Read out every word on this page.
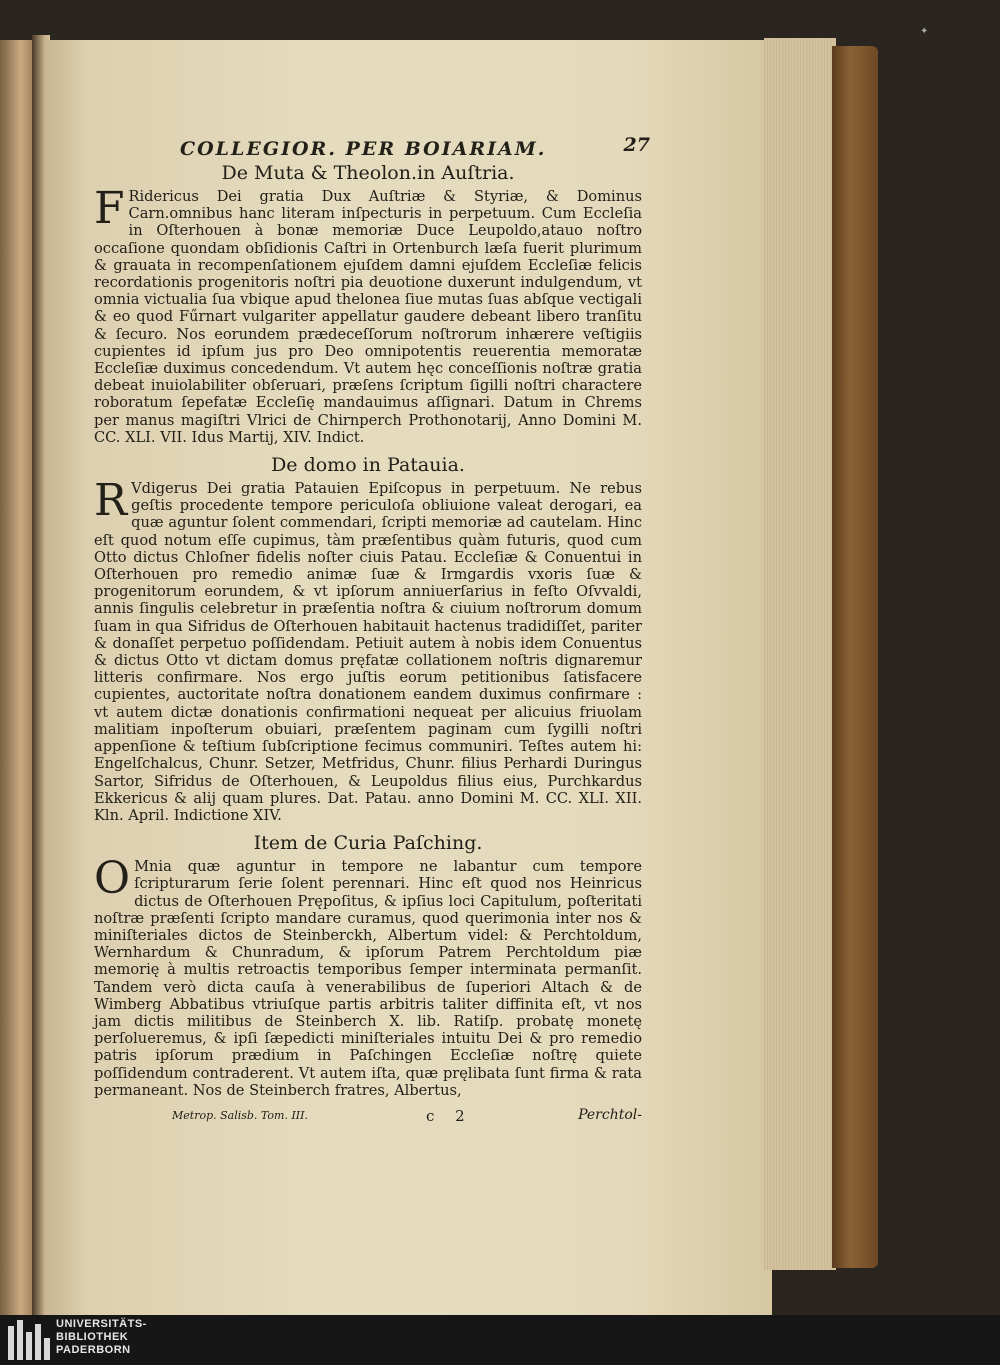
COLLEGIOR. PER BOIARIAM.	27
De Muta & Theolon.in Auſtria.
F Ridericus Dei gratia Dux Auſtriæ & Styriæ, & Dominus Carn.omnibus hanc literam inſpecturis in perpetuum. Cum Eccleſia in Oſterhouen à bonæ memoriæ Duce Leupoldo,atauo noſtro occaſione quondam obſidionis Caſtri in Ortenburch læſa fuerit plurimum & grauata in recompenſationem ejuſdem damni ejuſdem Eccleſiæ felicis recordationis progenitoris noſtri pia deuotione duxerunt indulgendum, vt omnia victualia ſua vbique apud thelonea ſiue mutas ſuas abſque vectigali & eo quod Fűrnart vulgariter appellatur gaudere debeant libero tranſitu & ſecuro. Nos eorundem prædeceſſorum noſtrorum inhærere veſtigiis cupientes id ipſum jus pro Deo omnipotentis reuerentia memoratæ Eccleſiæ duximus concedendum. Vt autem hęc conceſſionis noſtræ gratia debeat inuiolabiliter obſeruari, præſens ſcriptum ſigilli noſtri charactere roboratum ſepefatæ Eccleſię mandauimus aſſignari. Datum in Chrems per manus magiſtri Vlrici de Chirnperch Prothonotarij, Anno Domini M. CC. XLI. VII. Idus Martij, XIV. Indict.
De domo in Patauia.
R Vdigerus Dei gratia Patauien Epiſcopus in perpetuum. Ne rebus geſtis procedente tempore periculoſa obliuione valeat derogari, ea quæ aguntur ſolent commendari, ſcripti memoriæ ad cautelam. Hinc eſt quod notum eſſe cupimus, tàm præſentibus quàm futuris, quod cum Otto dictus Chloſner fidelis noſter ciuis Patau. Eccleſiæ & Conuentui in Oſterhouen pro remedio animæ ſuæ & Irmgardis vxoris ſuæ & progenitorum eorundem, & vt ipſorum anniuerſarius in feſto Oſvvaldi, annis ſingulis celebretur in præſentia noſtra & ciuium noſtrorum domum ſuam in qua Sifridus de Oſterhouen habitauit hactenus tradidiſſet, pariter & donaſſet perpetuo poſſidendam. Petiuit autem à nobis idem Conuentus & dictus Otto vt dictam domus pręfatæ collationem noſtris dignaremur litteris confirmare. Nos ergo juſtis eorum petitionibus ſatisfacere cupientes, auctoritate noſtra donationem eandem duximus confirmare : vt autem dictæ donationis confirmationi nequeat per alicuius friuolam malitiam inpoſterum obuiari, præſentem paginam cum ſygilli noſtri appenſione & teſtium ſubſcriptione fecimus communiri. Teſtes autem hi: Engelſchalcus, Chunr. Setzer, Metfridus, Chunr. filius Perhardi Duringus Sartor, Sifridus de Oſterhouen, & Leupoldus filius eius, Purchkardus Ekkericus & alij quam plures. Dat. Patau. anno Domini M. CC. XLI. XII. Kln. April. Indictione XIV.
Item de Curia Paſching.
O Mnia quæ aguntur in tempore ne labantur cum tempore ſcripturarum ſerie ſolent perennari. Hinc eſt quod nos Heinricus dictus de Oſterhouen Prępoſitus, & ipſius loci Capitulum, poſteritati noſtræ præſenti ſcripto mandare curamus, quod querimonia inter nos & miniſteriales dictos de Steinberckh, Albertum videl: & Perchtoldum, Wernhardum & Chunradum, & ipſorum Patrem Perchtoldum piæ memorię à multis retroactis temporibus ſemper interminata permanſit. Tandem verò dicta cauſa à venerabilibus de ſuperiori Altach & de Wimberg Abbatibus vtriuſque partis arbitris taliter diffinita eſt, vt nos jam dictis militibus de Steinberch X. lib. Ratiſp. probatę monetę perſolueremus, & ipſi ſæpedicti miniſteriales intuitu Dei & pro remedio patris ipſorum prædium in Paſchingen Eccleſiæ noſtrę quiete poſſidendum contraderent. Vt autem iſta, quæ pręlibata ſunt firma & rata permaneant. Nos de Steinberch fratres, Albertus,
Metrop. Salisb. Tom. III.	c 2	Perchtol-
✦
UNIVERSITÄTS-
BIBLIOTHEK
PADERBORN
